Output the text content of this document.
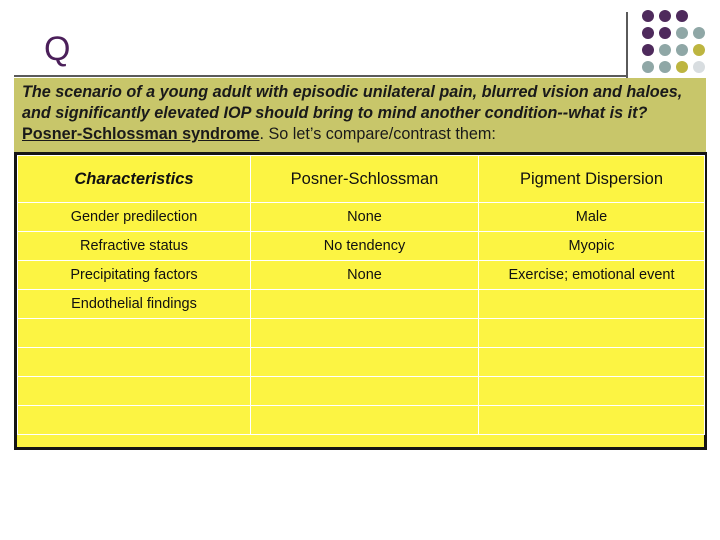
Q
The scenario of a young adult with episodic unilateral pain, blurred vision and haloes, and significantly elevated IOP should bring to mind another condition--what is it? Posner-Schlossman syndrome. So let’s compare/contrast them:
Characteristics	Posner-Schlossman	Pigment Dispersion
Gender predilection	None	Male
Refractive status	No tendency	Myopic
Precipitating factors	None	Exercise; emotional event
Endothelial findings		
